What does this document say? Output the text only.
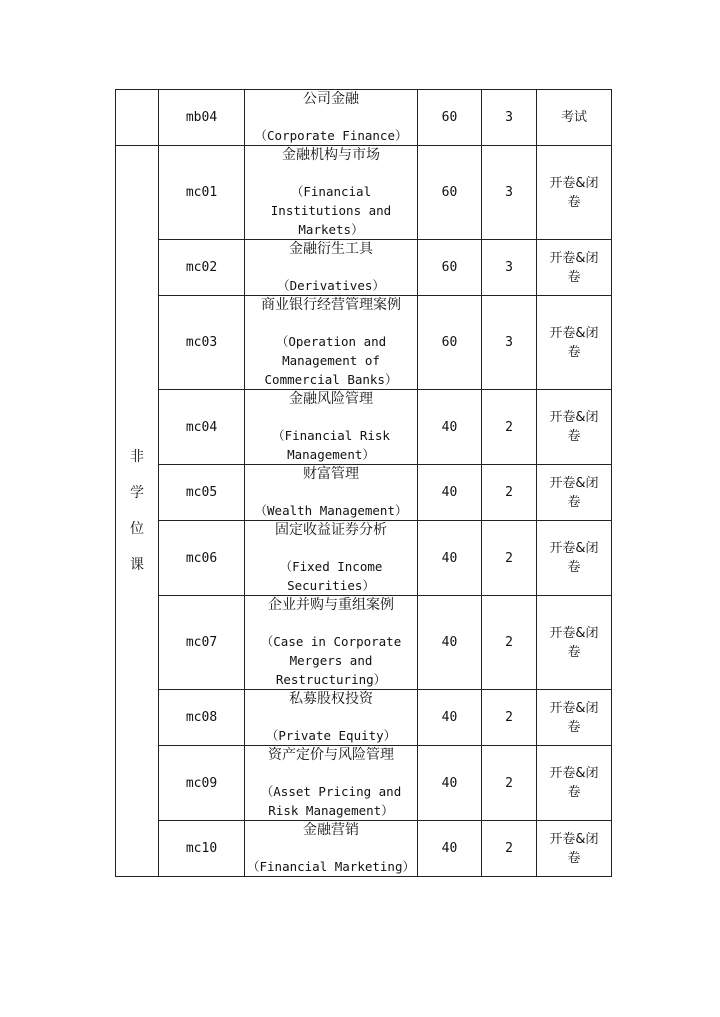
	mb04	公司金融
（Corporate Finance）	60	3	考试

非学位课	mc01	金融机构与市场
（Financial Institutions and Markets）	60	3	开卷&闭卷

	mc02	金融衍生工具
（Derivatives）	60	3	开卷&闭卷

	mc03	商业银行经营管理案例
（Operation and Management of Commercial Banks）	60	3	开卷&闭卷

	mc04	金融风险管理
（Financial Risk Management）	40	2	开卷&闭卷

	mc05	财富管理
（Wealth Management）	40	2	开卷&闭卷

	mc06	固定收益证券分析
（Fixed Income Securities）	40	2	开卷&闭卷

	mc07	企业并购与重组案例
（Case in Corporate Mergers and Restructuring）	40	2	开卷&闭卷

	mc08	私募股权投资
（Private Equity）	40	2	开卷&闭卷

	mc09	资产定价与风险管理
（Asset Pricing and Risk Management）	40	2	开卷&闭卷

	mc10	金融营销
（Financial Marketing）	40	2	开卷&闭卷
